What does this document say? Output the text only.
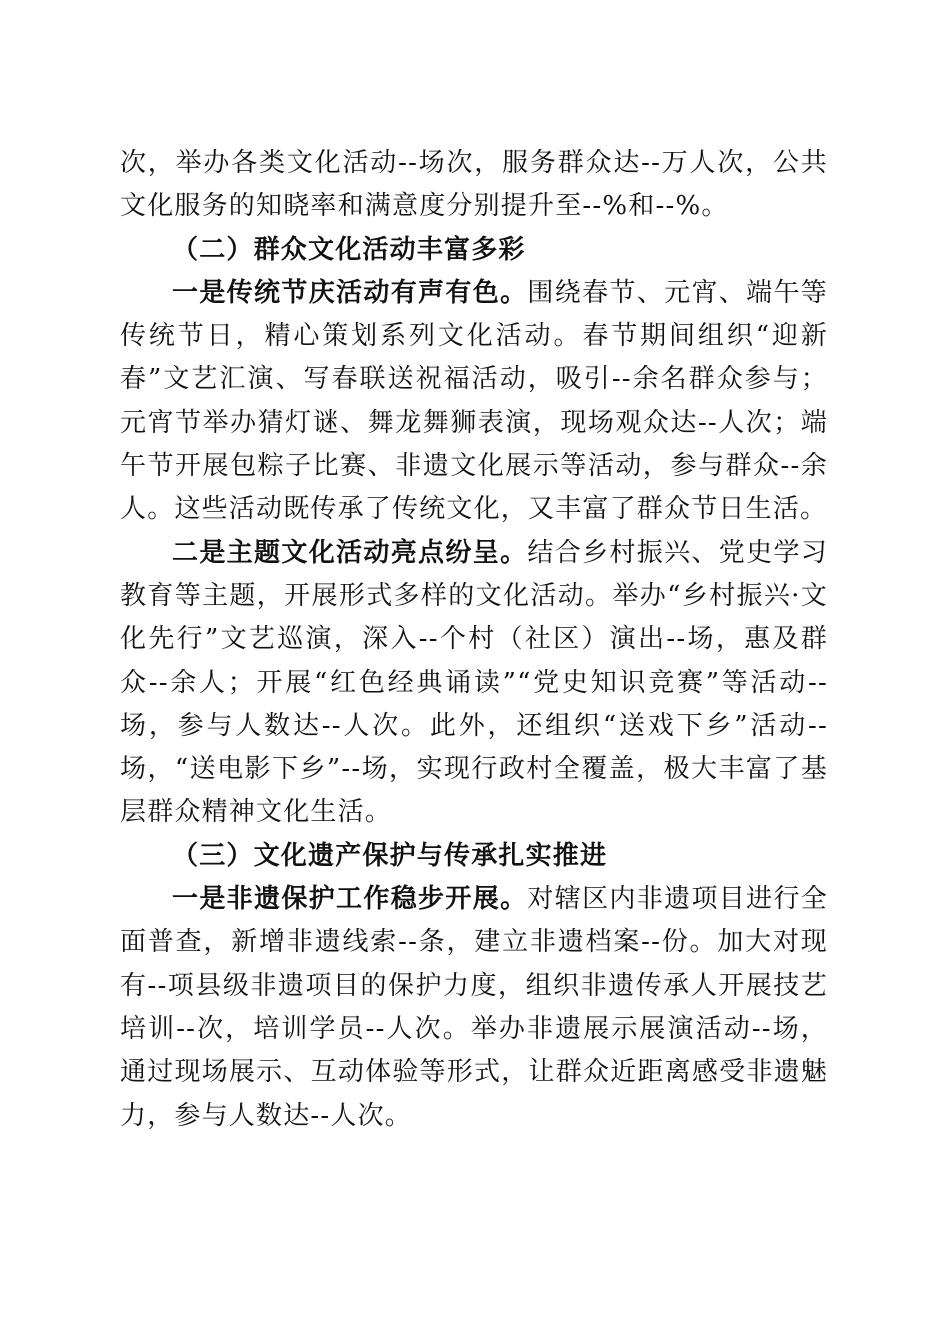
次，举办各类文化活动--场次，服务群众达--万人次，公共文化服务的知晓率和满意度分别提升至--%和--%。

（二）群众文化活动丰富多彩

一是传统节庆活动有声有色。围绕春节、元宵、端午等传统节日，精心策划系列文化活动。春节期间组织“迎新春”文艺汇演、写春联送祝福活动，吸引--余名群众参与；元宵节举办猜灯谜、舞龙舞狮表演，现场观众达--人次；端午节开展包粽子比赛、非遗文化展示等活动，参与群众--余人。这些活动既传承了传统文化，又丰富了群众节日生活。

二是主题文化活动亮点纷呈。结合乡村振兴、党史学习教育等主题，开展形式多样的文化活动。举办“乡村振兴·文化先行”文艺巡演，深入--个村（社区）演出--场，惠及群众--余人；开展“红色经典诵读”“党史知识竞赛”等活动--场，参与人数达--人次。此外，还组织“送戏下乡”活动--场，“送电影下乡”--场，实现行政村全覆盖，极大丰富了基层群众精神文化生活。

（三）文化遗产保护与传承扎实推进

一是非遗保护工作稳步开展。对辖区内非遗项目进行全面普查，新增非遗线索--条，建立非遗档案--份。加大对现有--项县级非遗项目的保护力度，组织非遗传承人开展技艺培训--次，培训学员--人次。举办非遗展示展演活动--场，通过现场展示、互动体验等形式，让群众近距离感受非遗魅力，参与人数达--人次。
